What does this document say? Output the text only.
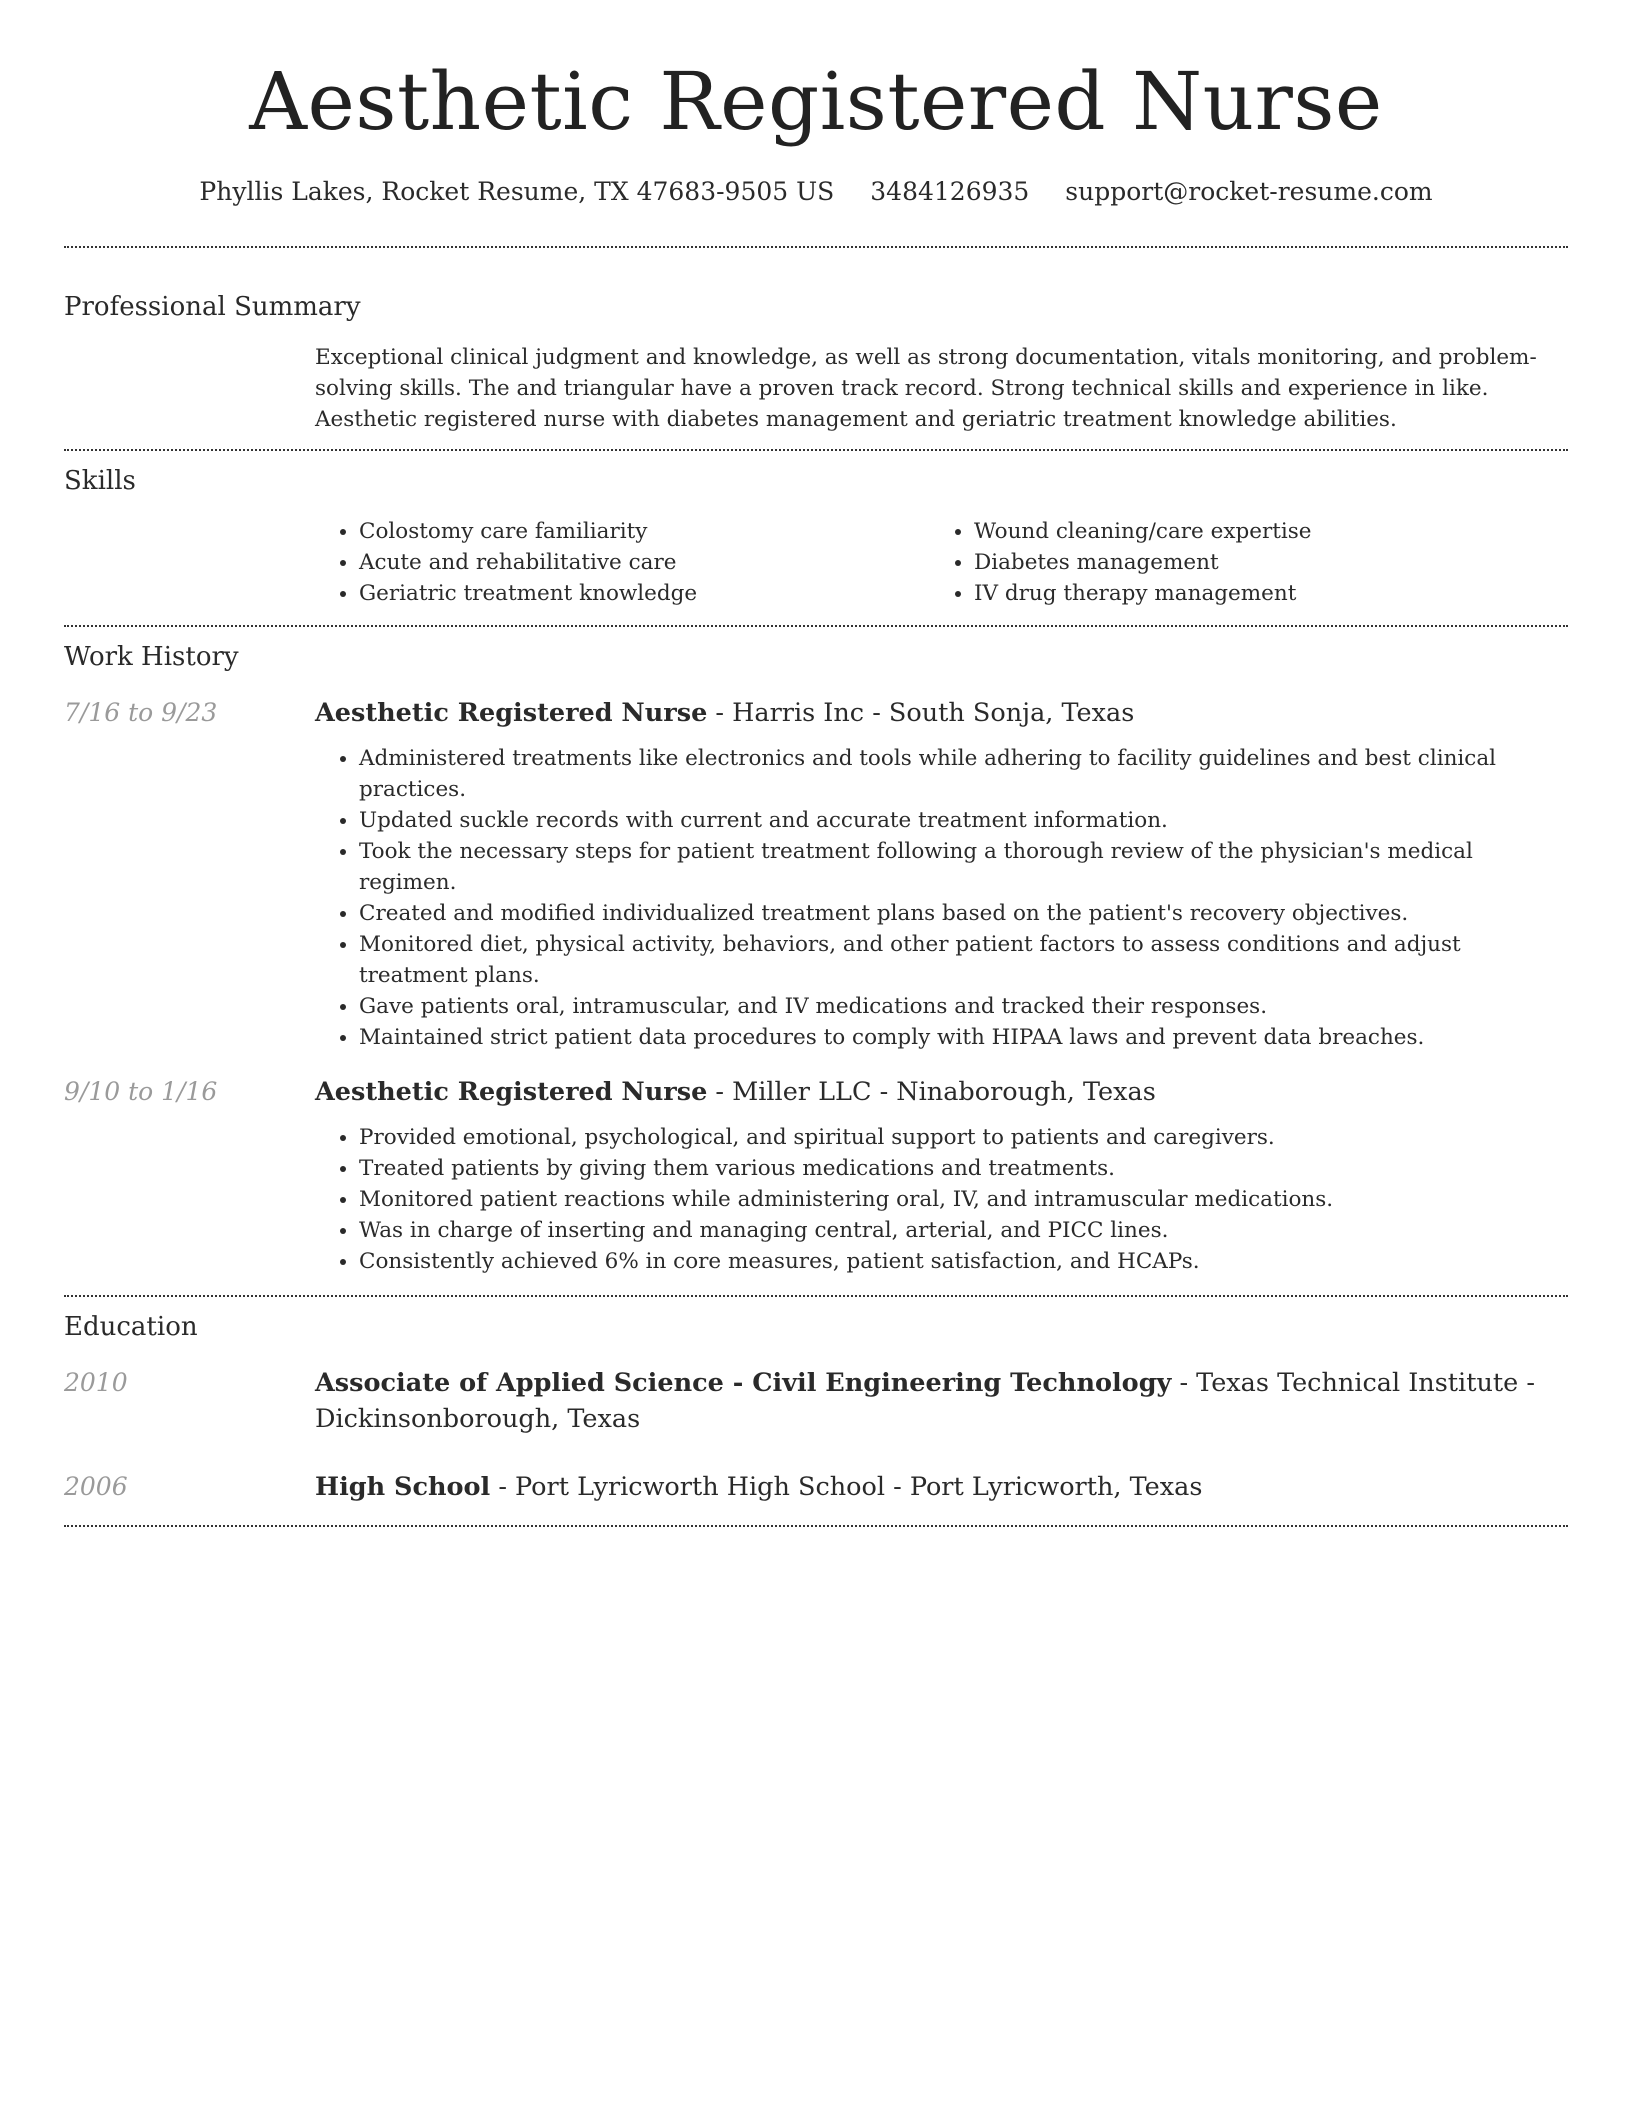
Aesthetic Registered Nurse
Phyllis Lakes, Rocket Resume, TX 47683-9505 US 3484126935 support@rocket-resume.com
Professional Summary
Exceptional clinical judgment and knowledge, as well as strong documentation, vitals monitoring, and problem-solving skills. The and triangular have a proven track record. Strong technical skills and experience in like. Aesthetic registered nurse with diabetes management and geriatric treatment knowledge abilities.
Skills
• Colostomy care familiarity
• Acute and rehabilitative care
• Geriatric treatment knowledge
• Wound cleaning/care expertise
• Diabetes management
• IV drug therapy management
Work History
7/16 to 9/23	Aesthetic Registered Nurse - Harris Inc - South Sonja, Texas
• Administered treatments like electronics and tools while adhering to facility guidelines and best clinical practices.
• Updated suckle records with current and accurate treatment information.
• Took the necessary steps for patient treatment following a thorough review of the physician's medical regimen.
• Created and modified individualized treatment plans based on the patient's recovery objectives.
• Monitored diet, physical activity, behaviors, and other patient factors to assess conditions and adjust treatment plans.
• Gave patients oral, intramuscular, and IV medications and tracked their responses.
• Maintained strict patient data procedures to comply with HIPAA laws and prevent data breaches.
9/10 to 1/16	Aesthetic Registered Nurse - Miller LLC - Ninaborough, Texas
• Provided emotional, psychological, and spiritual support to patients and caregivers.
• Treated patients by giving them various medications and treatments.
• Monitored patient reactions while administering oral, IV, and intramuscular medications.
• Was in charge of inserting and managing central, arterial, and PICC lines.
• Consistently achieved 6% in core measures, patient satisfaction, and HCAPs.
Education
2010	Associate of Applied Science - Civil Engineering Technology - Texas Technical Institute - Dickinsonborough, Texas
2006	High School - Port Lyricworth High School - Port Lyricworth, Texas
